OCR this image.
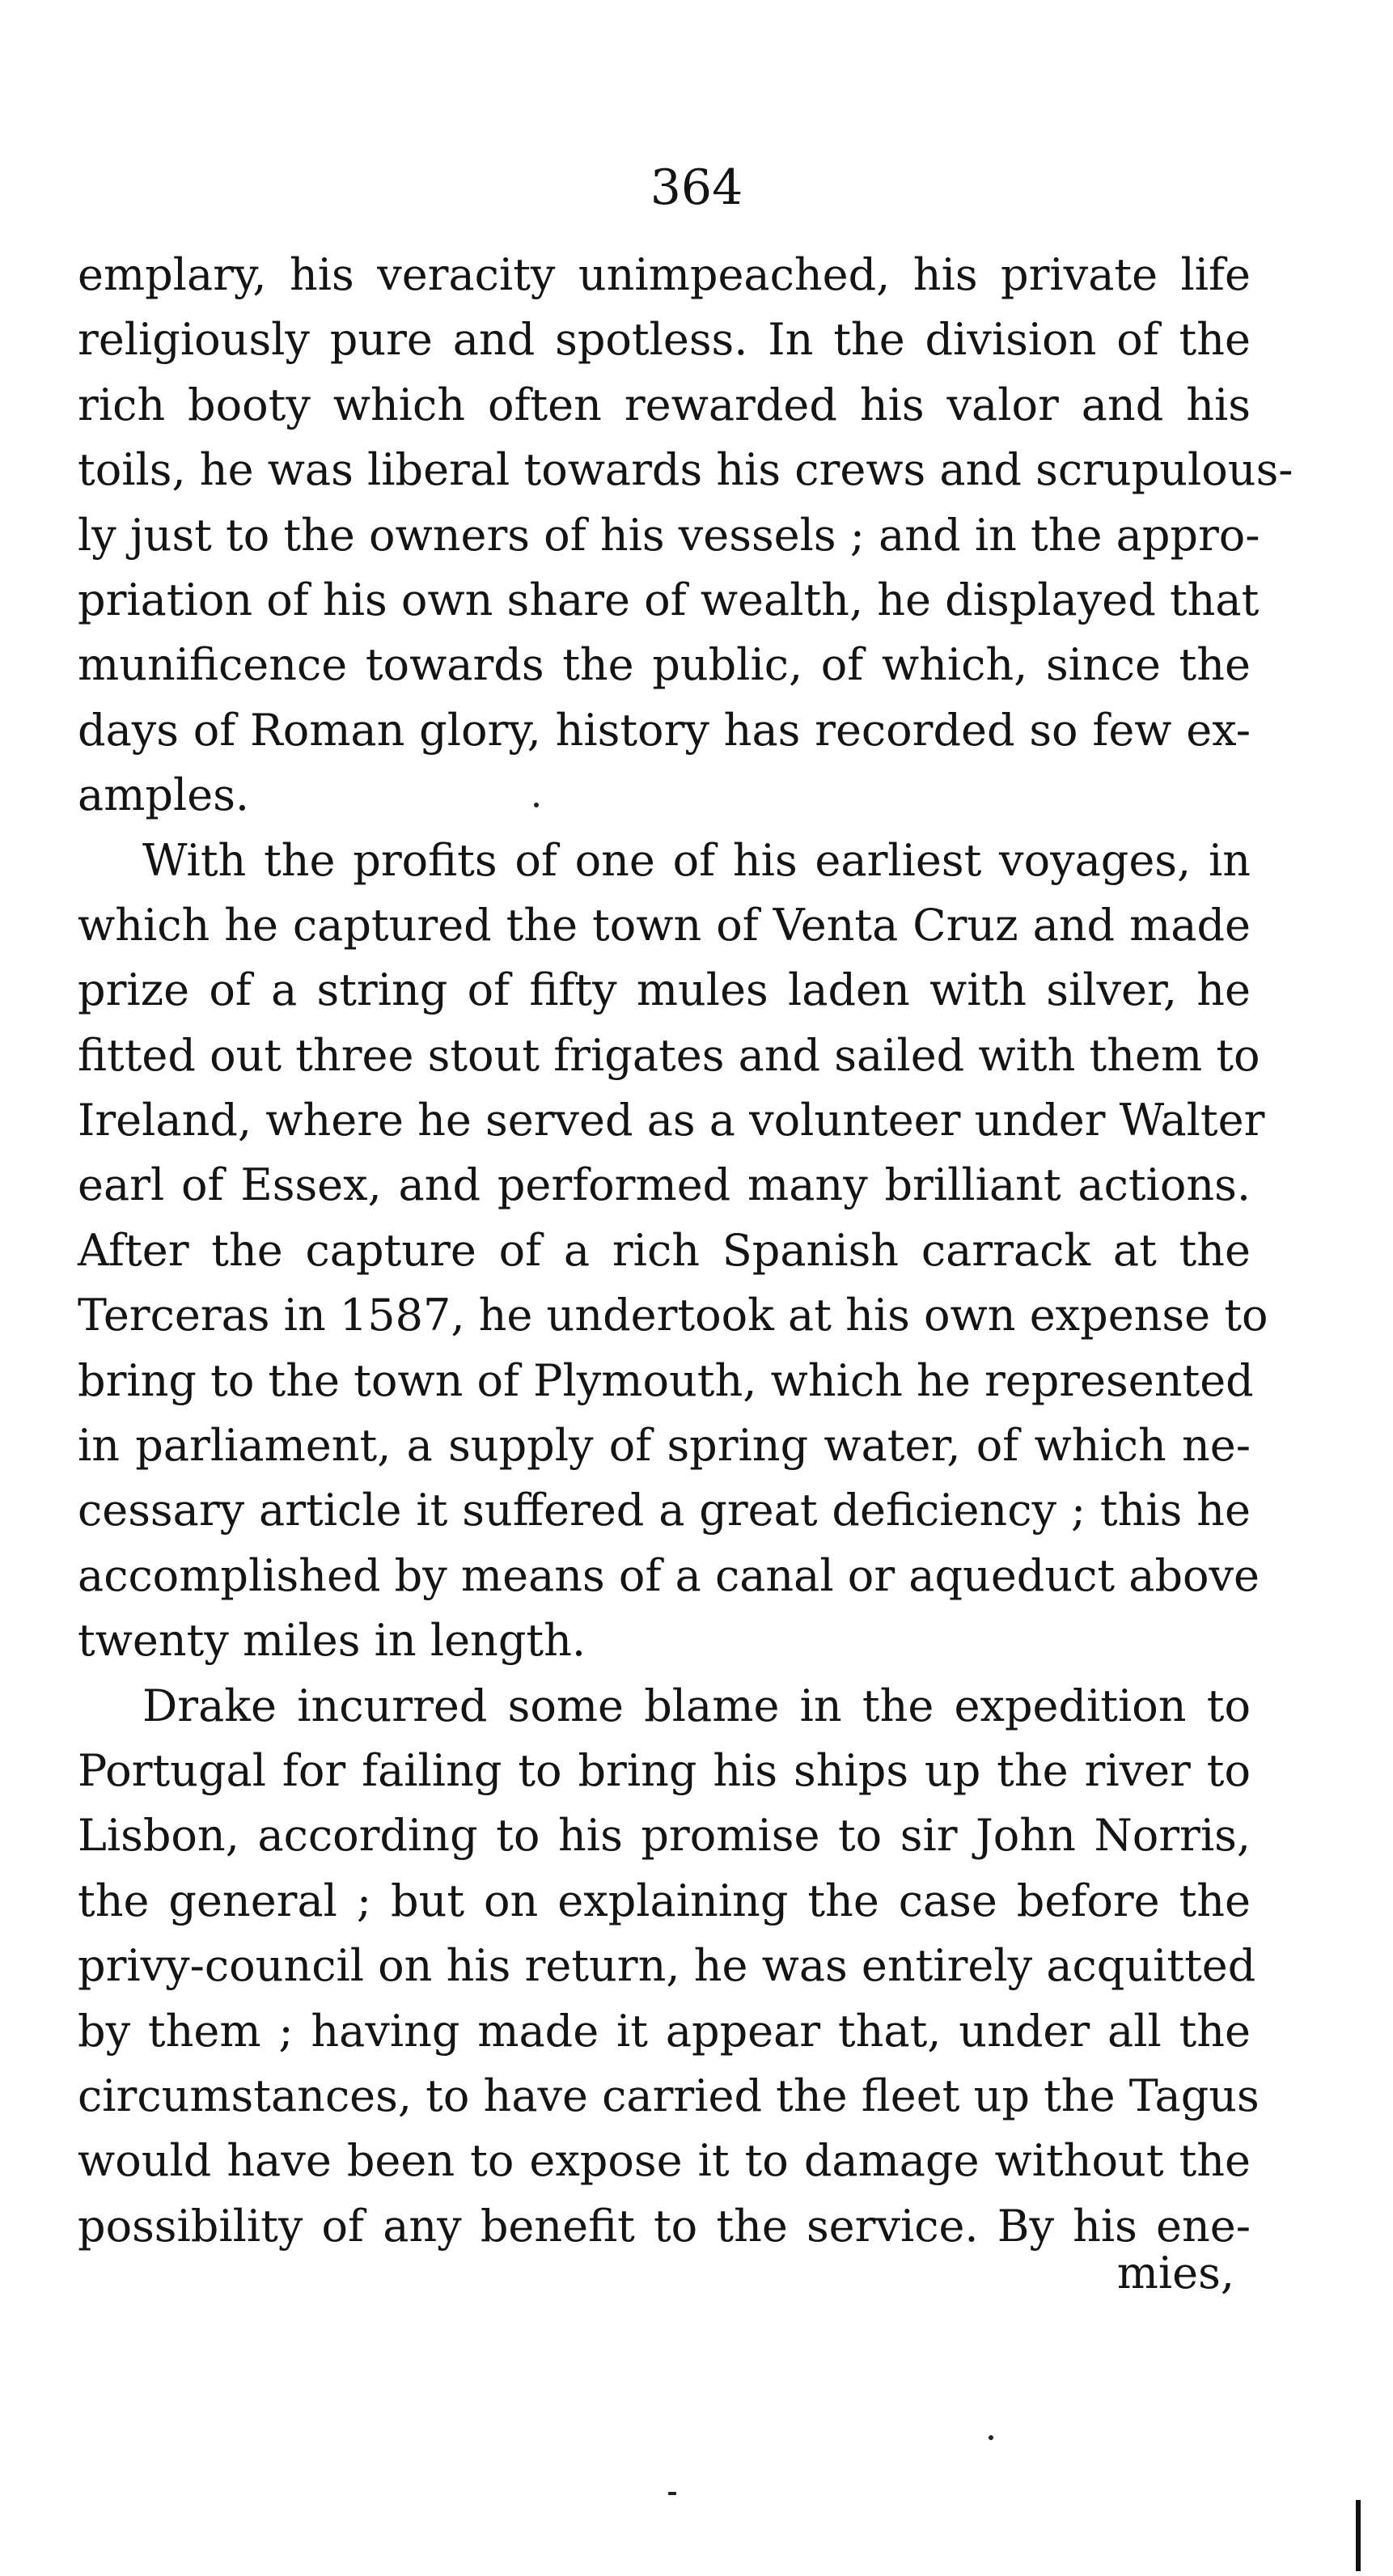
364
emplary, his veracity unimpeached, his private life
religiously pure and spotless. In the division of the
rich booty which often rewarded his valor and his
toils, he was liberal towards his crews and scrupulous-
ly just to the owners of his vessels ; and in the appro-
priation of his own share of wealth, he displayed that
munificence towards the public, of which, since the
days of Roman glory, history has recorded so few ex-
amples.
With the profits of one of his earliest voyages, in
which he captured the town of Venta Cruz and made
prize of a string of fifty mules laden with silver, he
fitted out three stout frigates and sailed with them to
Ireland, where he served as a volunteer under Walter
earl of Essex, and performed many brilliant actions.
After the capture of a rich Spanish carrack at the
Terceras in 1587, he undertook at his own expense to
bring to the town of Plymouth, which he represented
in parliament, a supply of spring water, of which ne-
cessary article it suffered a great deficiency ; this he
accomplished by means of a canal or aqueduct above
twenty miles in length.
Drake incurred some blame in the expedition to
Portugal for failing to bring his ships up the river to
Lisbon, according to his promise to sir John Norris,
the general ; but on explaining the case before the
privy-council on his return, he was entirely acquitted
by them ; having made it appear that, under all the
circumstances, to have carried the fleet up the Tagus
would have been to expose it to damage without the
possibility of any benefit to the service. By his ene-
mies,
